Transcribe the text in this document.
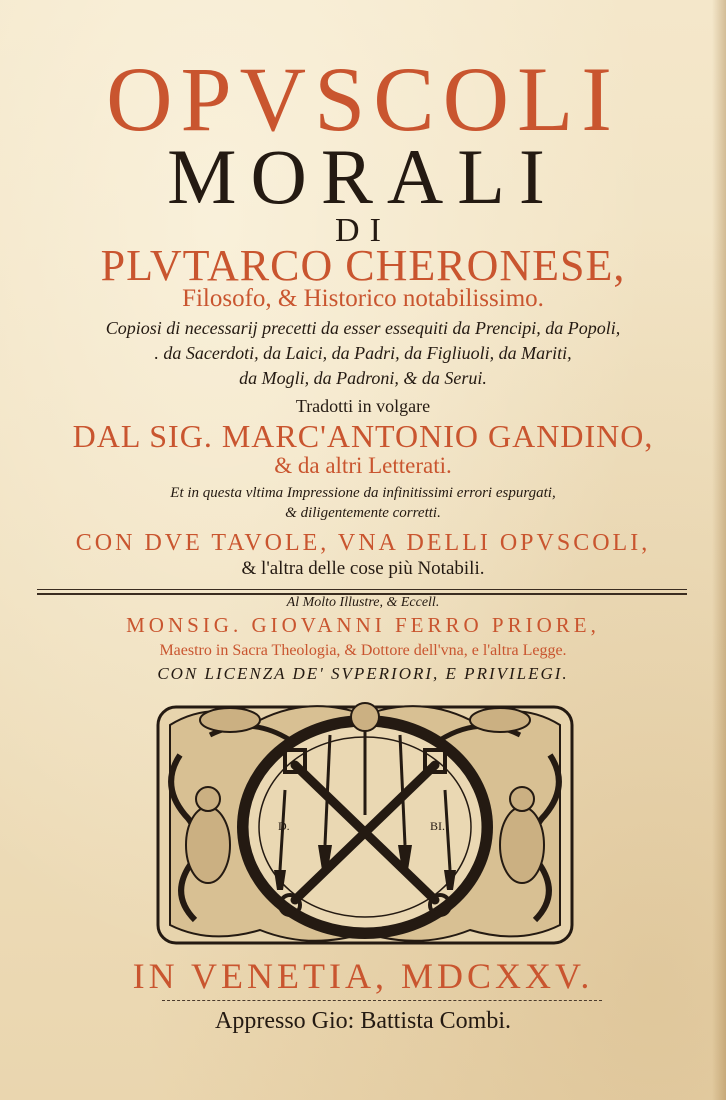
OPVSCOLI
MORALI
DI
PLVTARCO CHERONESE,
Filosofo, & Historico notabilissimo.
Copiosi di necessarij precetti da esser essequiti da Prencipi, da Popoli,
. da Sacerdoti, da Laici, da Padri, da Figliuoli, da Mariti,
da Mogli, da Padroni, & da Serui.
Tradotti in volgare
DAL SIG. MARC'ANTONIO GANDINO,
& da altri Letterati.
Et in questa vltima Impressione da infinitissimi errori espurgati,
& diligentemente corretti.
CON DVE TAVOLE, VNA DELLI OPVSCOLI,
& l'altra delle cose più Notabili.
Al Molto Illustre, & Eccell.
MONSIG. GIOVANNI FERRO PRIORE,
Maestro in Sacra Theologia, & Dottore dell'vna, e l'altra Legge.
CON LICENZA DE' SVPERIORI, E PRIVILEGI.
D.	BI.
IN VENETIA, MDCXXV.
Appresso Gio: Battista Combi.
